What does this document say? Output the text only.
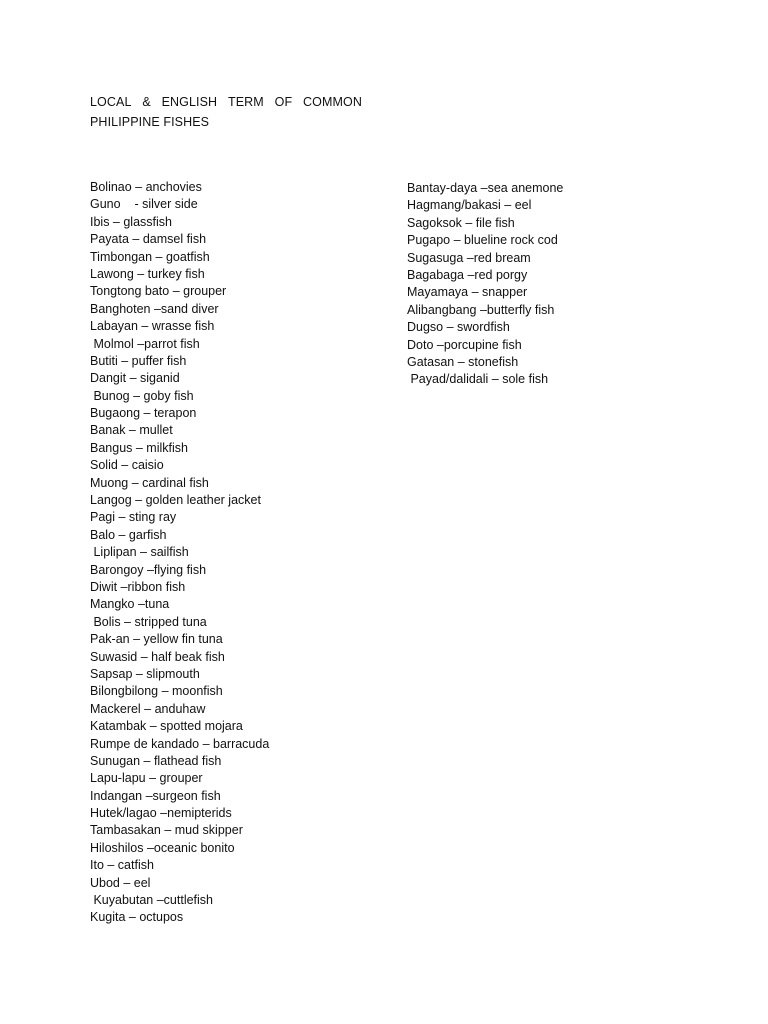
LOCAL & ENGLISH TERM OF COMMON
PHILIPPINE FISHES
Bolinao – anchovies
Guno    - silver side
Ibis – glassfish
Payata – damsel fish
Timbongan – goatfish
Lawong – turkey fish
Tongtong bato – grouper
Banghoten –sand diver
Labayan – wrasse fish
Molmol –parrot fish
Butiti – puffer fish
Dangit – siganid
Bunog – goby fish
Bugaong – terapon
Banak – mullet
Bangus – milkfish
Solid – caisio
Muong – cardinal fish
Langog – golden leather jacket
Pagi – sting ray
Balo – garfish
Liplipan – sailfish
Barongoy –flying fish
Diwit –ribbon fish
Mangko –tuna
Bolis – stripped tuna
Pak-an – yellow fin tuna
Suwasid – half beak fish
Sapsap – slipmouth
Bilongbilong – moonfish
Mackerel – anduhaw
Katambak – spotted mojara
Rumpe de kandado – barracuda
Sunugan – flathead fish
Lapu-lapu – grouper
Indangan –surgeon fish
Hutek/lagao –nemipterids
Tambasakan – mud skipper
Hiloshilos –oceanic bonito
Ito – catfish
Ubod – eel
Kuyabutan –cuttlefish
Kugita – octupos
Bantay-daya –sea anemone
Hagmang/bakasi – eel
Sagoksok – file fish
Pugapo – blueline rock cod
Sugasuga –red bream
Bagabaga –red porgy
Mayamaya – snapper
Alibangbang –butterfly fish
Dugso – swordfish
Doto –porcupine fish
Gatasan – stonefish
Payad/dalidali – sole fish
